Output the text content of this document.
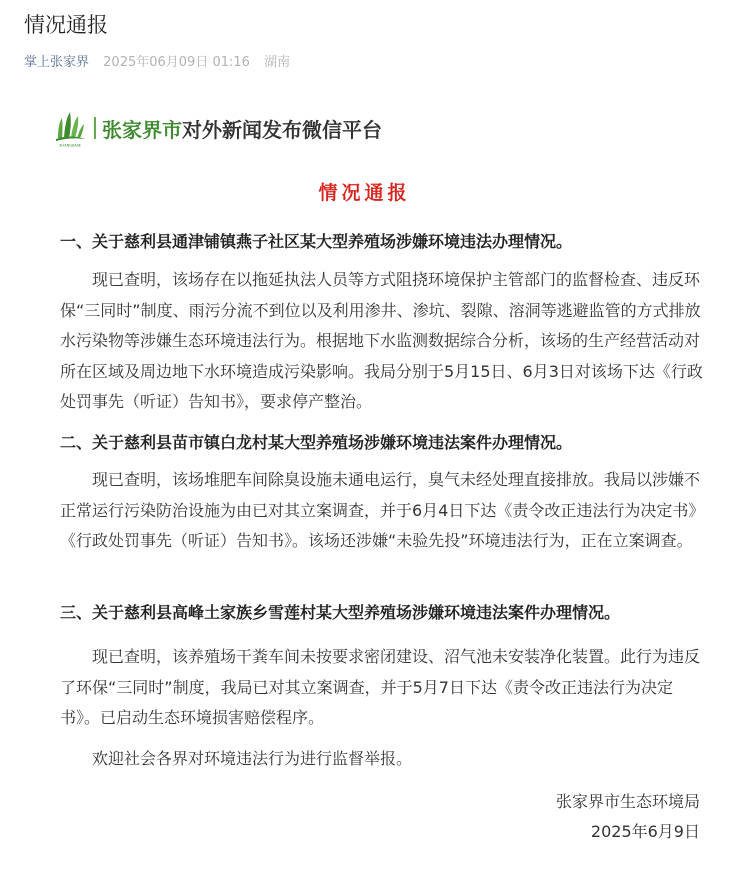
情况通报
掌上张家界 2025年06月09日 01:16 湖南
ZHANGJIAJIE
张家界市 对外新闻发布微信平台
情况通报
一、关于慈利县通津铺镇燕子社区某大型养殖场涉嫌环境违法办理情况。

现已查明，该场存在以拖延执法人员等方式阻挠环境保护主管部门的监督检查、违反环保“三同时”制度、雨污分流不到位以及利用渗井、渗坑、裂隙、溶洞等逃避监管的方式排放水污染物等涉嫌生态环境违法行为。根据地下水监测数据综合分析，该场的生产经营活动对所在区域及周边地下水环境造成污染影响。我局分别于5月15日、6月3日对该场下达《行政处罚事先（听证）告知书》，要求停产整治。

二、关于慈利县苗市镇白龙村某大型养殖场涉嫌环境违法案件办理情况。

现已查明，该场堆肥车间除臭设施未通电运行，臭气未经处理直接排放。我局以涉嫌不正常运行污染防治设施为由已对其立案调查，并于6月4日下达《责令改正违法行为决定书》《行政处罚事先（听证）告知书》。该场还涉嫌“未验先投”环境违法行为，正在立案调查。

三、关于慈利县高峰土家族乡雪莲村某大型养殖场涉嫌环境违法案件办理情况。

现已查明，该养殖场干粪车间未按要求密闭建设、沼气池未安装净化装置。此行为违反了环保“三同时”制度，我局已对其立案调查，并于5月7日下达《责令改正违法行为决定书》。已启动生态环境损害赔偿程序。

欢迎社会各界对环境违法行为进行监督举报。
张家界市生态环境局
2025年6月9日
